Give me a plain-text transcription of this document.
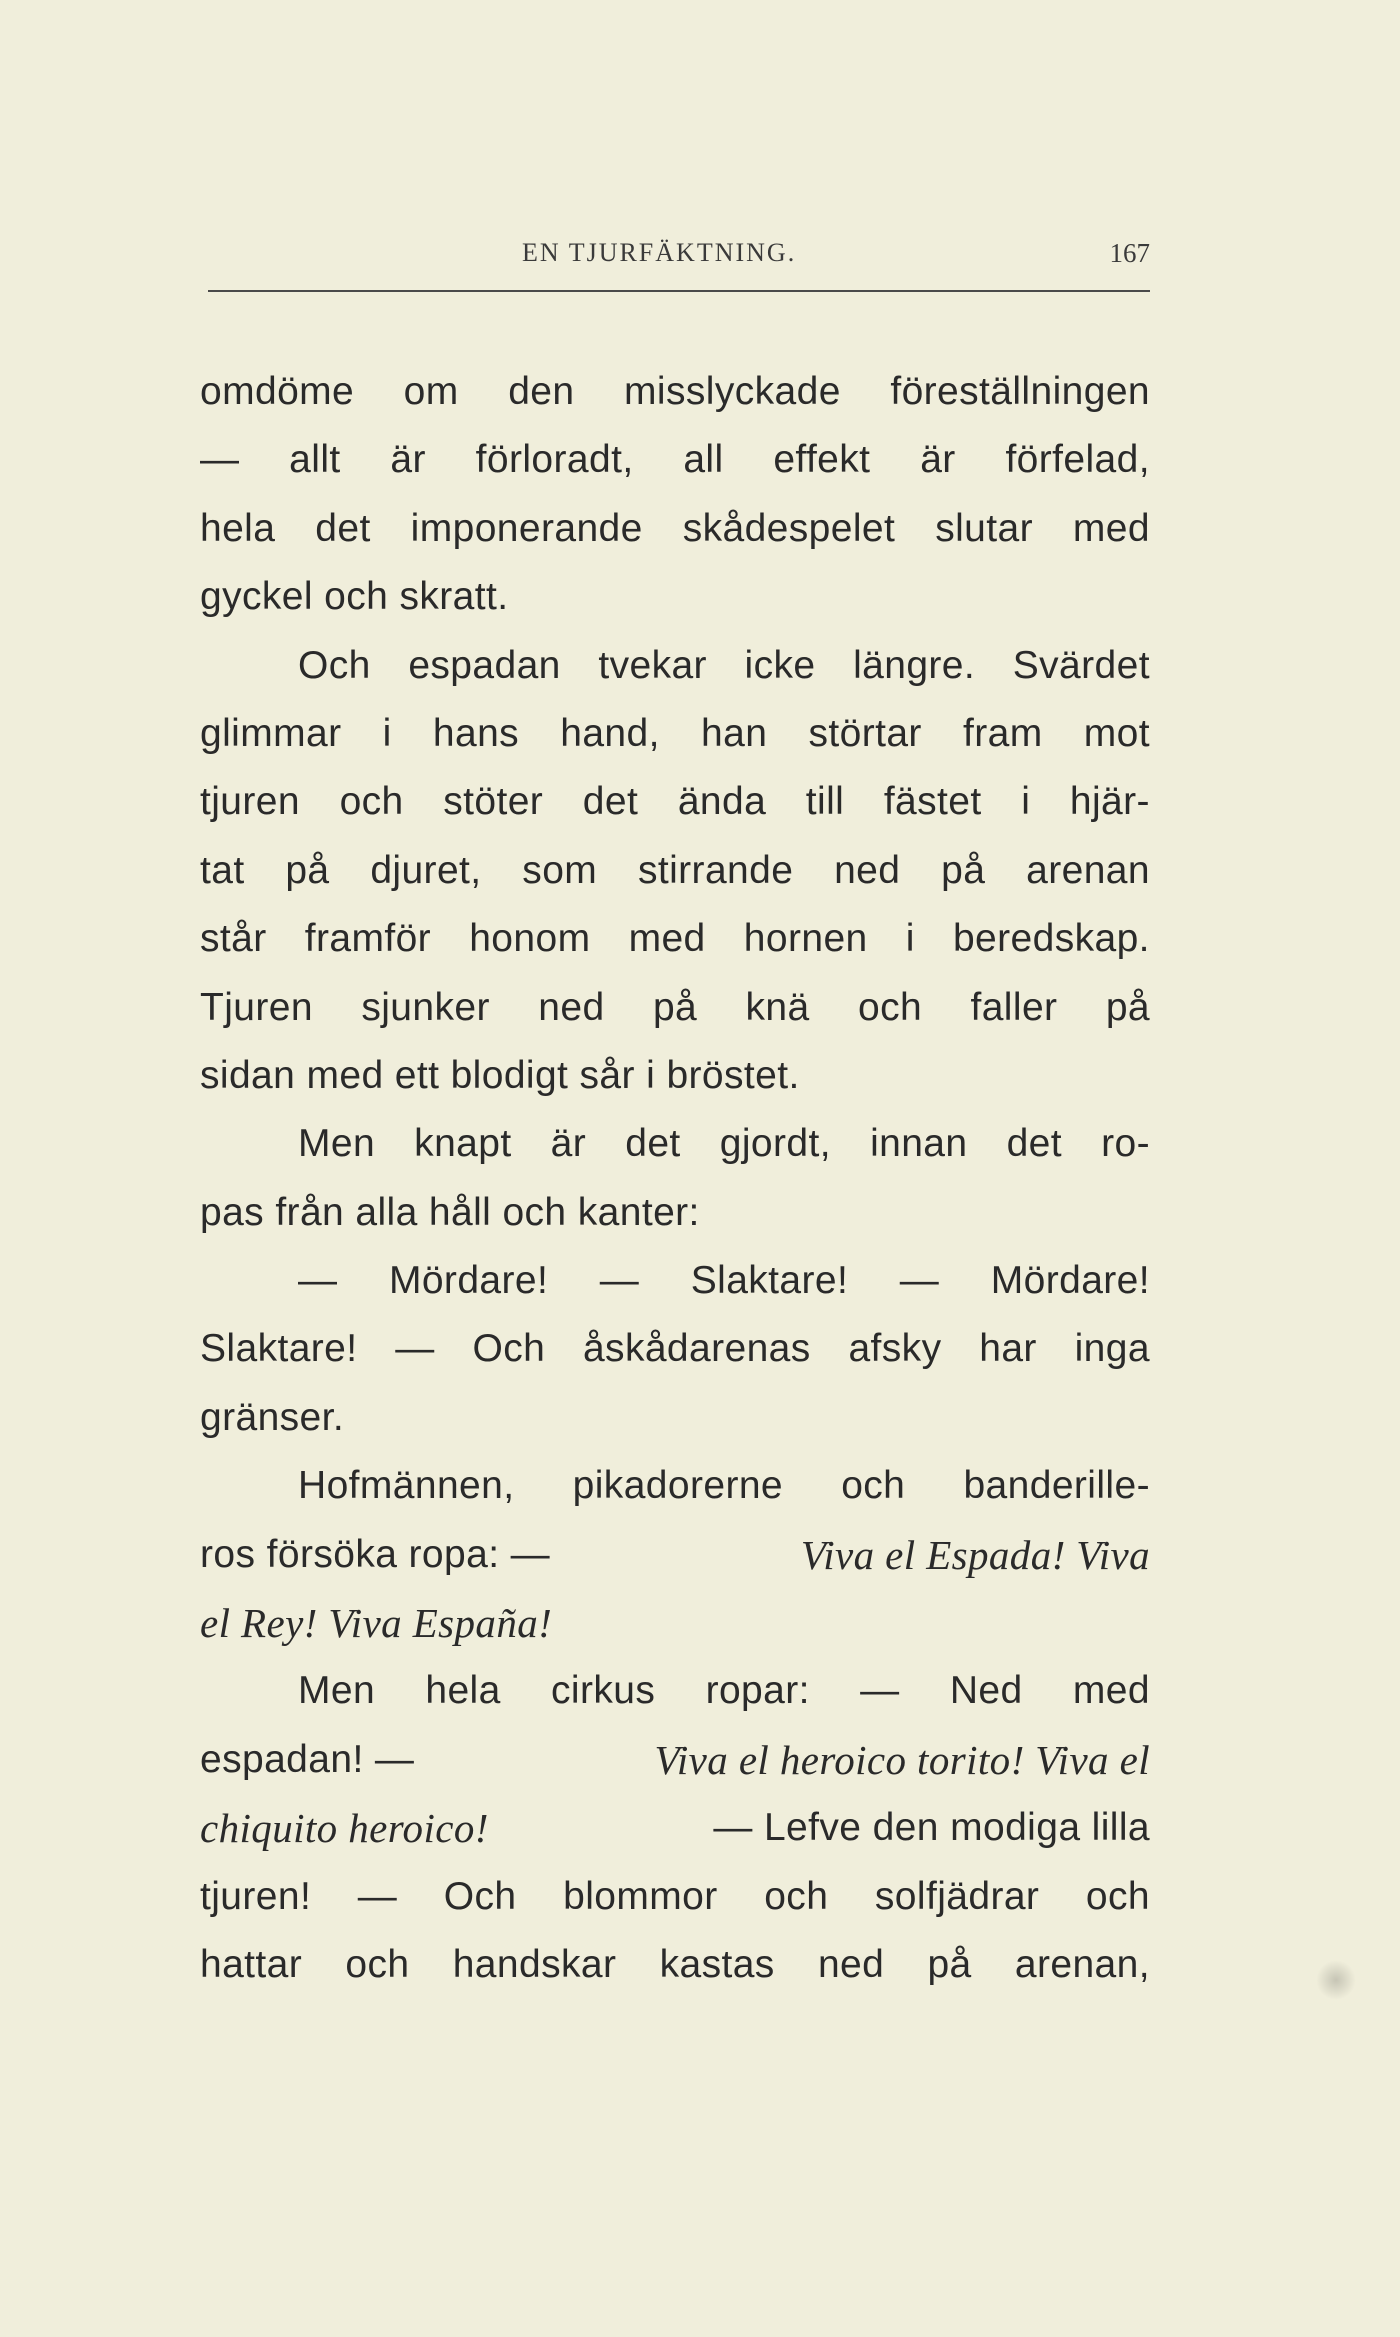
EN TJURFÄKTNING.	167
omdöme om den misslyckade föreställningen
— allt är förloradt, all effekt är förfelad,
hela det imponerande skådespelet slutar med
gyckel och skratt.
Och espadan tvekar icke längre. Svärdet
glimmar i hans hand, han störtar fram mot
tjuren och stöter det ända till fästet i hjär-
tat på djuret, som stirrande ned på arenan
står framför honom med hornen i beredskap.
Tjuren sjunker ned på knä och faller på
sidan med ett blodigt sår i bröstet.
Men knapt är det gjordt, innan det ro-
pas från alla håll och kanter:
— Mördare! — Slaktare! — Mördare!
Slaktare! — Och åskådarenas afsky har inga
gränser.
Hofmännen, pikadorerne och banderille-
ros försöka ropa: —	Viva el Espada! Viva
el Rey! Viva España!
Men hela cirkus ropar: — Ned med
espadan! —	Viva el heroico torito! Viva el
chiquito heroico!	— Lefve den modiga lilla
tjuren! — Och blommor och solfjädrar och
hattar och handskar kastas ned på arenan,
